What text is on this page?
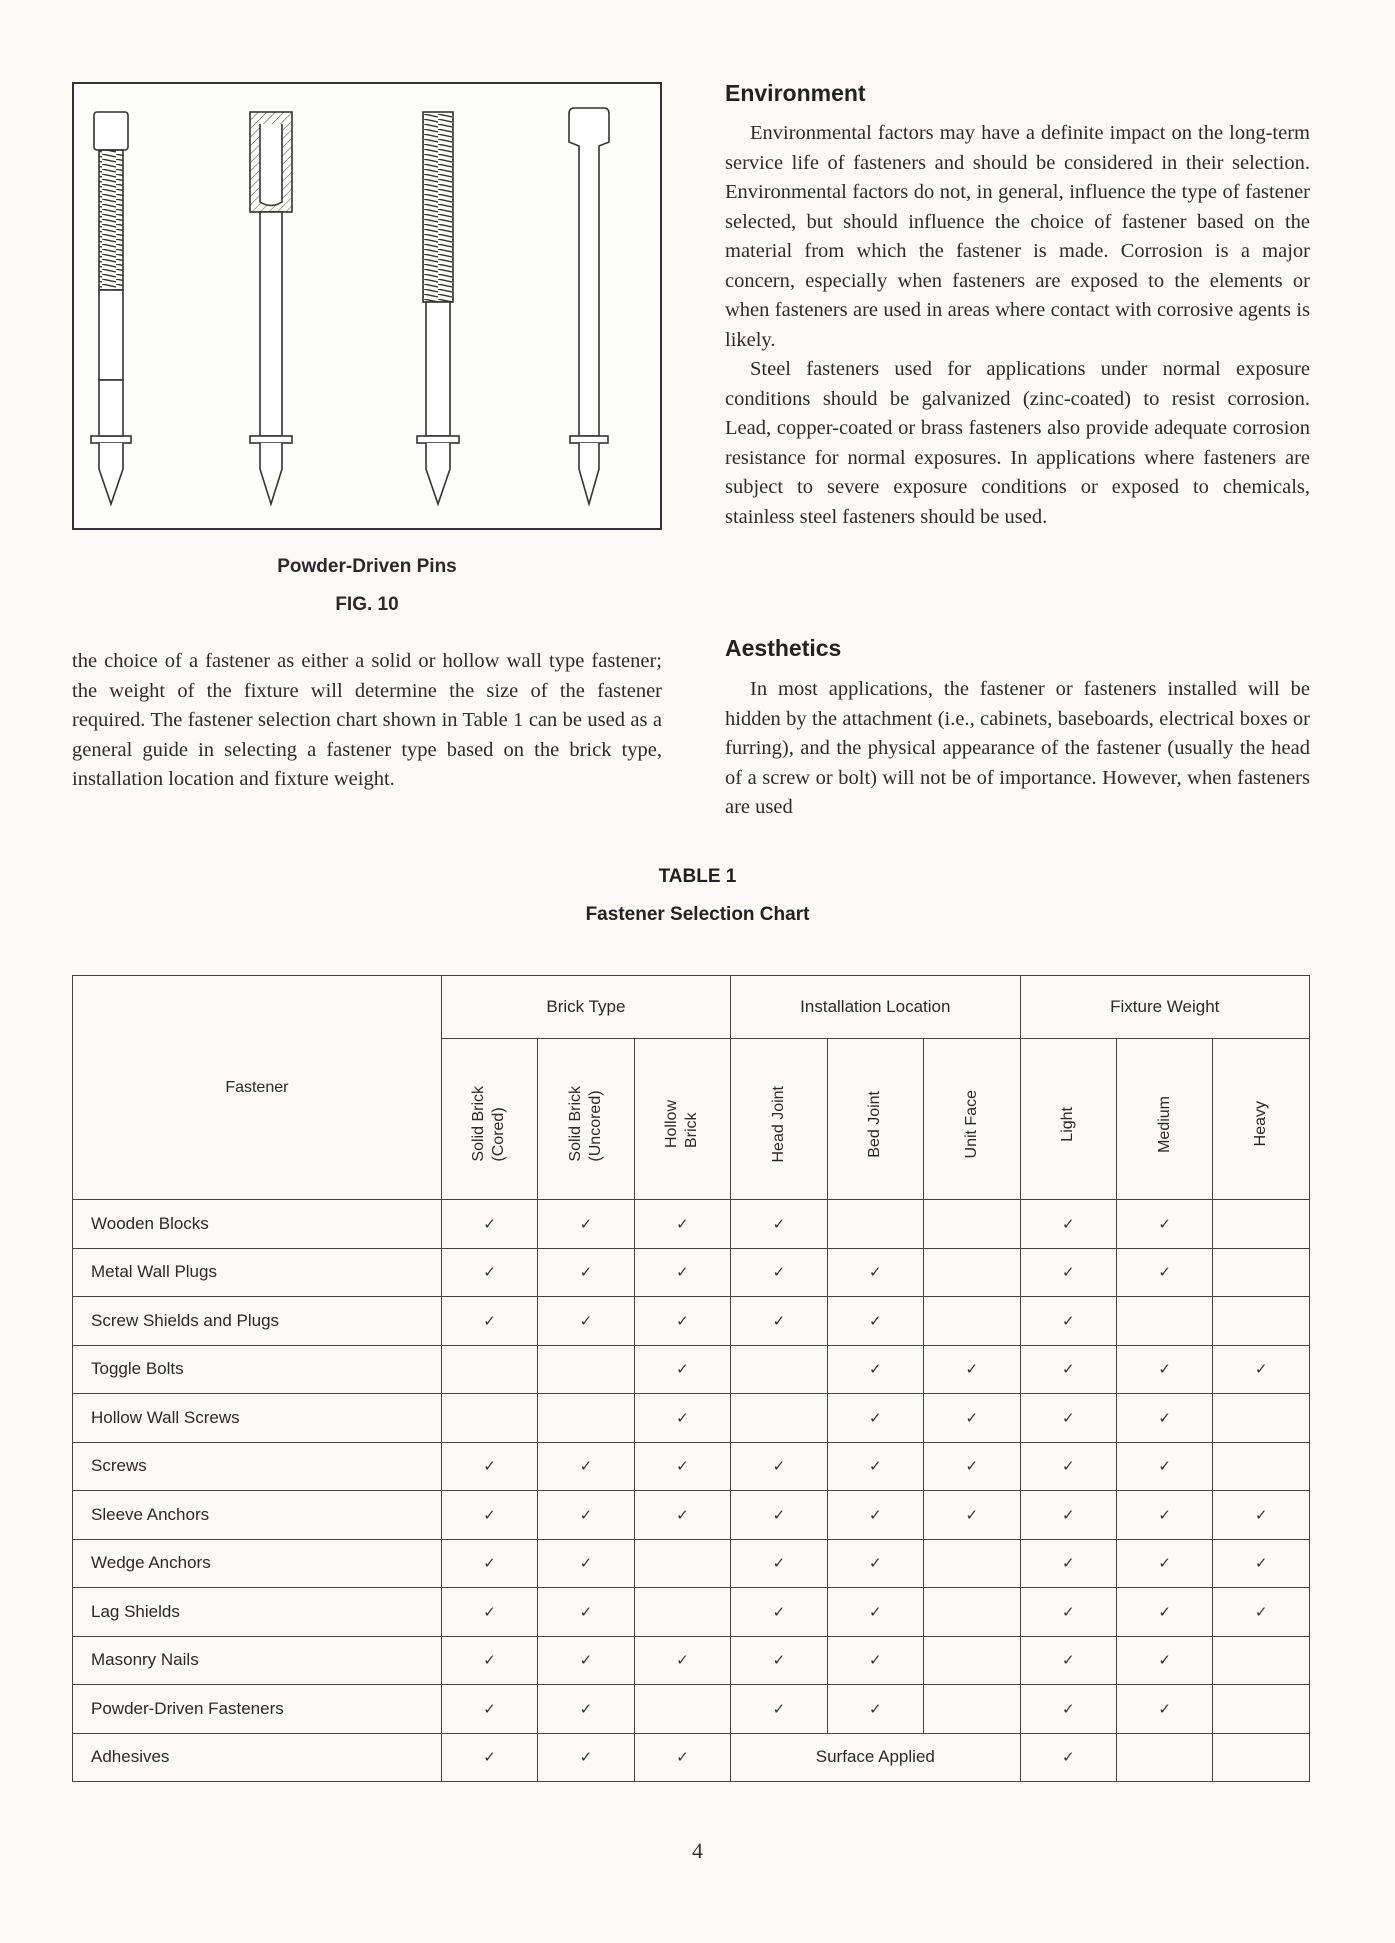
Powder-Driven Pins
FIG. 10

the choice of a fastener as either a solid or hollow wall type fastener; the weight of the fixture will determine the size of the fastener required. The fastener selection chart shown in Table 1 can be used as a general guide in selecting a fastener type based on the brick type, installation location and fixture weight.

Environment

Environmental factors may have a definite impact on the long-term service life of fasteners and should be considered in their selection. Environmental factors do not, in general, influence the type of fastener selected, but should influence the choice of fastener based on the material from which the fastener is made. Corrosion is a major concern, especially when fasteners are exposed to the elements or when fasteners are used in areas where contact with corrosive agents is likely.

Steel fasteners used for applications under normal exposure conditions should be galvanized (zinc-coated) to resist corrosion. Lead, copper-coated or brass fasteners also provide adequate corrosion resistance for normal exposures. In applications where fasteners are subject to severe exposure conditions or exposed to chemicals, stainless steel fasteners should be used.

Aesthetics

In most applications, the fastener or fasteners installed will be hidden by the attachment (i.e., cabinets, baseboards, electrical boxes or furring), and the physical appearance of the fastener (usually the head of a screw or bolt) will not be of importance. However, when fasteners are used

TABLE 1
Fastener Selection Chart
Fastener	Brick Type			Installation Location			Fixture Weight		

	Solid Brick
(Cored)	Solid Brick
(Uncored)	Hollow
Brick	Head Joint	Bed Joint	Unit Face	Light	Medium	Heavy

Wooden Blocks	✓	✓	✓	✓			✓	✓	
Metal Wall Plugs	✓	✓	✓	✓	✓		✓	✓	
Screw Shields and Plugs	✓	✓	✓	✓	✓		✓		
Toggle Bolts			✓		✓	✓	✓	✓	✓
Hollow Wall Screws			✓		✓	✓	✓	✓	
Screws	✓	✓	✓	✓	✓	✓	✓	✓	
Sleeve Anchors	✓	✓	✓	✓	✓	✓	✓	✓	✓
Wedge Anchors	✓	✓		✓	✓		✓	✓	✓
Lag Shields	✓	✓		✓	✓		✓	✓	✓
Masonry Nails	✓	✓	✓	✓	✓		✓	✓	
Powder-Driven Fasteners	✓	✓		✓	✓		✓	✓	
Adhesives	✓	✓	✓	Surface Applied			✓		
4
